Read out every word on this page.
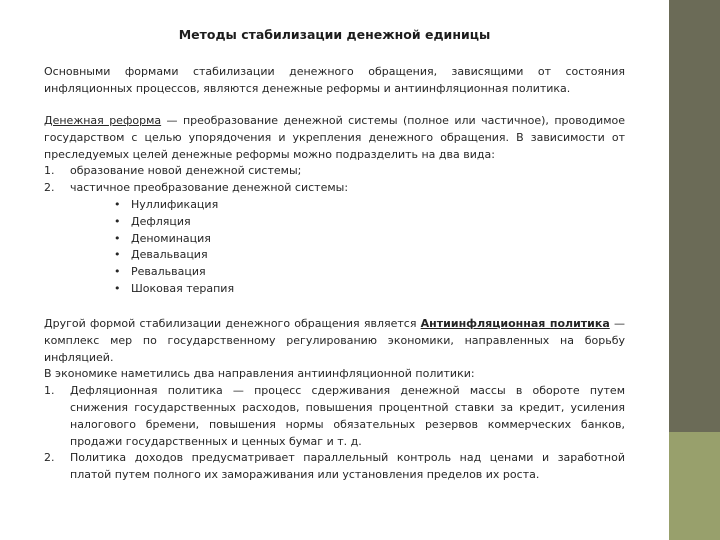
Методы стабилизации денежной единицы
Основными формами стабилизации денежного обращения, зависящими от состояния
инфляционных процессов, являются денежные реформы и антиинфляционная политика.
Денежная реформа — преобразование денежной системы (полное или частичное), проводимое
государством с целью упорядочения и укрепления денежного обращения. В зависимости от
преследуемых целей денежные реформы можно подразделить на два вида:
1. образование новой денежной системы;
2. частичное преобразование денежной системы:
• Нуллификация
• Дефляция
• Деноминация
• Девальвация
• Ревальвация
• Шоковая терапия
Другой формой стабилизации денежного обращения является Антиинфляционная политика —
комплекс мер по государственному регулированию экономики, направленных на борьбу
инфляцией.
В экономике наметились два направления антиинфляционной политики:
1. Дефляционная политика — процесс сдерживания денежной массы в обороте путем
снижения государственных расходов, повышения процентной ставки за кредит, усиления
налогового бремени, повышения нормы обязательных резервов коммерческих банков,
продажи государственных и ценных бумаг и т. д.
2. Политика доходов предусматривает параллельный контроль над ценами и заработной
платой путем полного их замораживания или установления пределов их роста.
